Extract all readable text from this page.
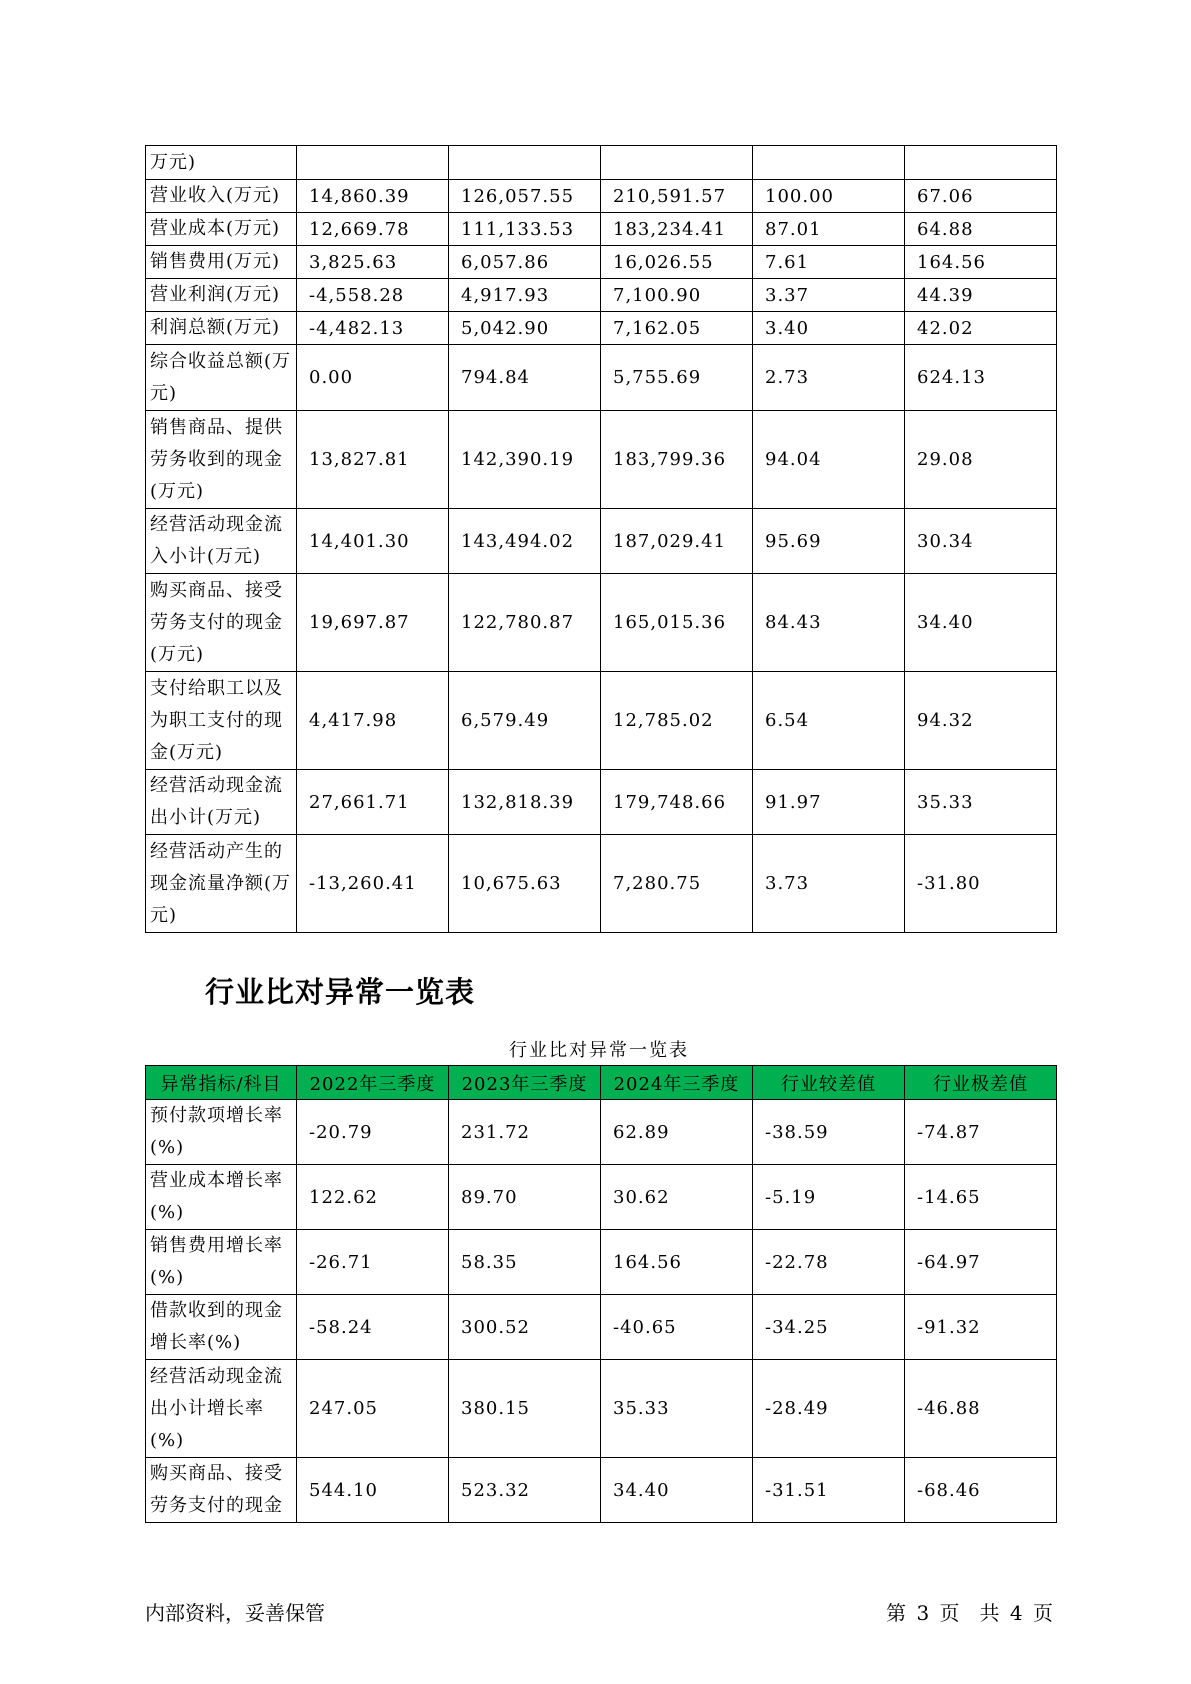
万元)					
营业收入(万元)	14,860.39	126,057.55	210,591.57	100.00	67.06
营业成本(万元)	12,669.78	111,133.53	183,234.41	87.01	64.88
销售费用(万元)	3,825.63	6,057.86	16,026.55	7.61	164.56
营业利润(万元)	-4,558.28	4,917.93	7,100.90	3.37	44.39
利润总额(万元)	-4,482.13	5,042.90	7,162.05	3.40	42.02
综合收益总额(万元)	0.00	794.84	5,755.69	2.73	624.13
销售商品、提供劳务收到的现金(万元)	13,827.81	142,390.19	183,799.36	94.04	29.08
经营活动现金流入小计(万元)	14,401.30	143,494.02	187,029.41	95.69	30.34
购买商品、接受劳务支付的现金(万元)	19,697.87	122,780.87	165,015.36	84.43	34.40
支付给职工以及为职工支付的现金(万元)	4,417.98	6,579.49	12,785.02	6.54	94.32
经营活动现金流出小计(万元)	27,661.71	132,818.39	179,748.66	91.97	35.33
经营活动产生的现金流量净额(万元)	-13,260.41	10,675.63	7,280.75	3.73	-31.80
行业比对异常一览表
行业比对异常一览表
异常指标/科目	2022年三季度	2023年三季度	2024年三季度	行业较差值	行业极差值
预付款项增长率(%)	-20.79	231.72	62.89	-38.59	-74.87
营业成本增长率(%)	122.62	89.70	30.62	-5.19	-14.65
销售费用增长率(%)	-26.71	58.35	164.56	-22.78	-64.97
借款收到的现金增长率(%)	-58.24	300.52	-40.65	-34.25	-91.32
经营活动现金流出小计增长率(%)	247.05	380.15	35.33	-28.49	-46.88
购买商品、接受劳务支付的现金	544.10	523.32	34.40	-31.51	-68.46
内部资料，妥善保管	第 3 页　共 4 页
